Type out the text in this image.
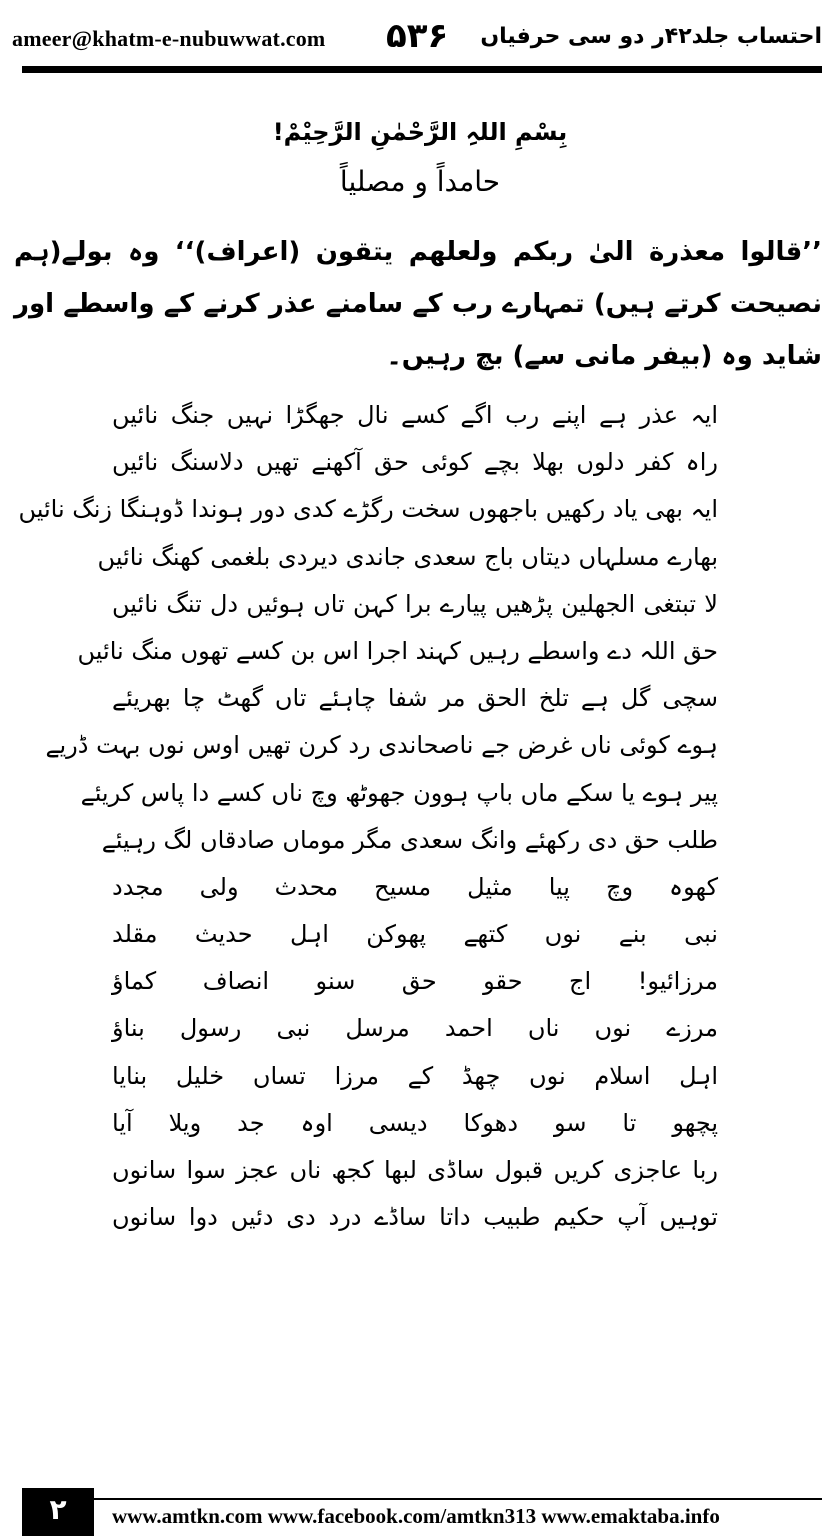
ameer@khatm-e-nubuwwat.com ۵۳۶ احتساب جلد۴۲ر دو سی حرفیاں
بِسْمِ اللہِ الرَّحْمٰنِ الرَّحِیْمْ!
حامداً و مصلیاً
’’قالوا معذرة الیٰ ربکم ولعلهم یتقون (اعراف)‘‘ وہ بولے(ہم نصیحت کرتے ہیں) تمہارے رب کے سامنے عذر کرنے کے واسطے اور شاید وہ (بیفر مانی سے) بچ رہیں۔
ایہ عذر ہے اپنے رب اگے کسے نال جھگڑا نہیں جنگ نائیں
راہ کفر دلوں بھلا بچے کوئی حق آکھنے تھیں دلاسنگ نائیں
ایہ بھی یاد رکھیں باجھوں سخت رگڑے کدی دور ہوندا ڈوہنگا زنگ نائیں
بھارے مسلہاں دیتاں باج سعدی جاندی دیردی بلغمی کھنگ نائیں
لا تبتغی الجھلین پڑھیں پیارے برا کہن تاں ہوئیں دل تنگ نائیں
حق اللہ دے واسطے رہیں کہند اجرا اس بن کسے تھوں منگ نائیں
سچی گل ہے تلخ الحق مر شفا چاہئے تاں گھٹ چا بھریئے
ہوے کوئی ناں غرض جے ناصحاندی رد کرن تھیں اوس نوں بہت ڈریے
پیر ہوے یا سکے ماں باپ ہوون جھوٹھ وچ ناں کسے دا پاس کریئے
طلب حق دی رکھئے وانگ سعدی مگر موماں صادقاں لگ رہیئے
کھوہ وچ پیا مثیل مسیح محدث ولی مجدد
نبی بنے نوں کتھے پھوکن اہل حدیث مقلد
مرزائیو! اج حقو حق سنو انصاف کماؤ
مرزے نوں ناں احمد مرسل نبی رسول بناؤ
اہل اسلام نوں چھڈ کے مرزا تساں خلیل بنایا
پچھو تا سو دھوکا دیسی اوہ جد ویلا آیا
ربا عاجزی کریں قبول ساڈی لبھا کجھ ناں عجز سوا سانوں
توہیں آپ حکیم طبیب داتا ساڈے درد دی دئیں دوا سانوں
۲	www.amtkn.com www.facebook.com/amtkn313 www.emaktaba.info
